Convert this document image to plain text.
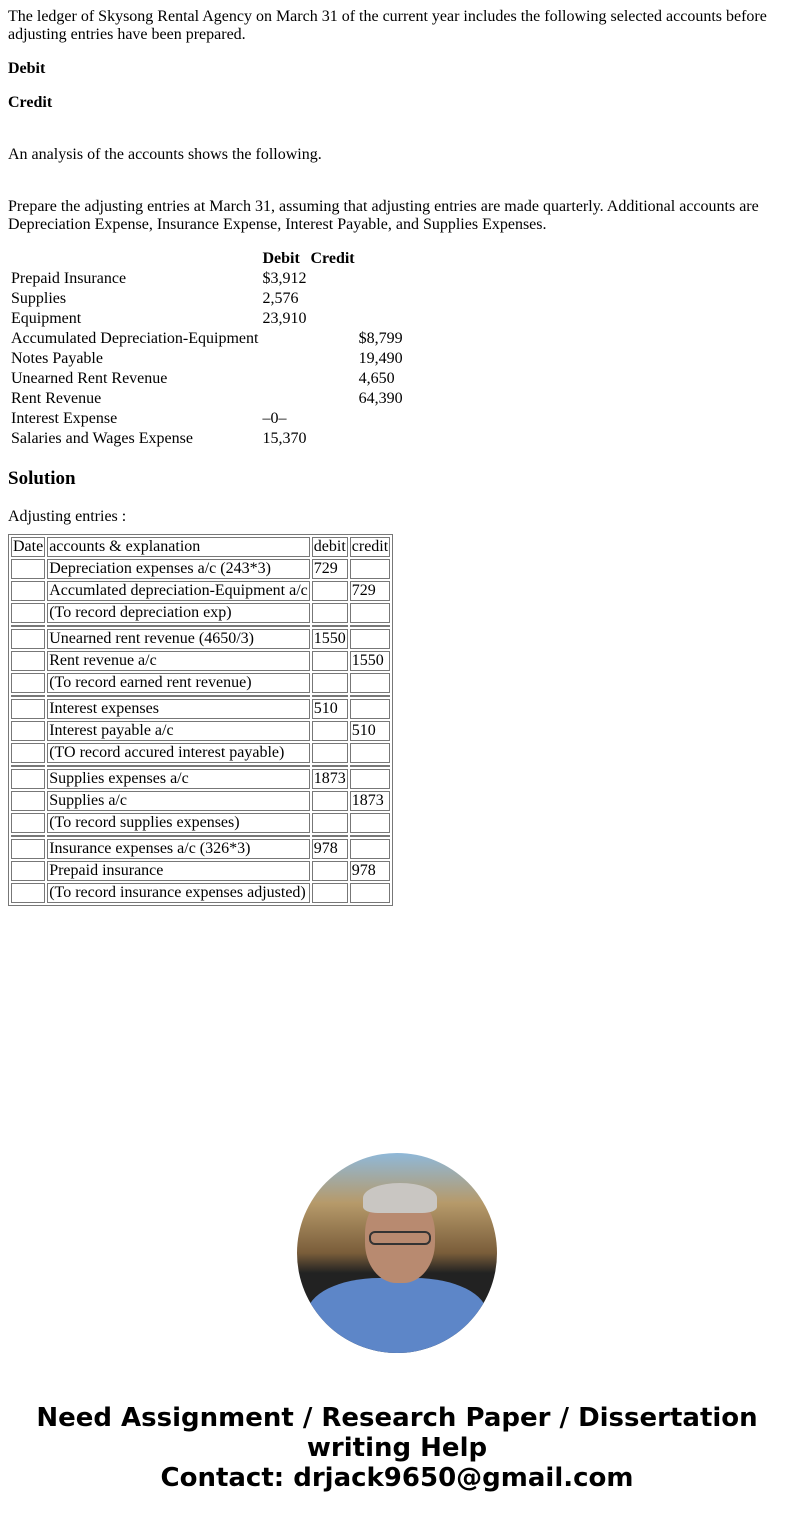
The ledger of Skysong Rental Agency on March 31 of the current year includes the following selected accounts before adjusting entries have been prepared.

Debit

Credit

An analysis of the accounts shows the following.

Prepare the adjusting entries at March 31, assuming that adjusting entries are made quarterly. Additional accounts are Depreciation Expense, Insurance Expense, Interest Payable, and Supplies Expenses.

	Debit	Credit	
Prepaid Insurance	$3,912		
Supplies	2,576		
Equipment	23,910		
Accumulated Depreciation-Equipment			$8,799
Notes Payable			19,490
Unearned Rent Revenue			4,650
Rent Revenue			64,390
Interest Expense	–0–		
Salaries and Wages Expense	15,370		
Solution

Adjusting entries :

Date	accounts & explanation	debit	credit
	Depreciation expenses a/c (243*3)	729	
	Accumlated depreciation-Equipment a/c		729
	(To record depreciation exp)		

	Unearned rent revenue (4650/3)	1550	
	Rent revenue a/c		1550
	(To record earned rent revenue)		

	Interest expenses	510	
	Interest payable a/c		510
	(TO record accured interest payable)		

	Supplies expenses a/c	1873	
	Supplies a/c		1873
	(To record supplies expenses)		

	Insurance expenses a/c (326*3)	978	
	Prepaid insurance		978
	(To record insurance expenses adjusted)		
Need Assignment / Research Paper / Dissertation writing Help
Contact: drjack9650@gmail.com
